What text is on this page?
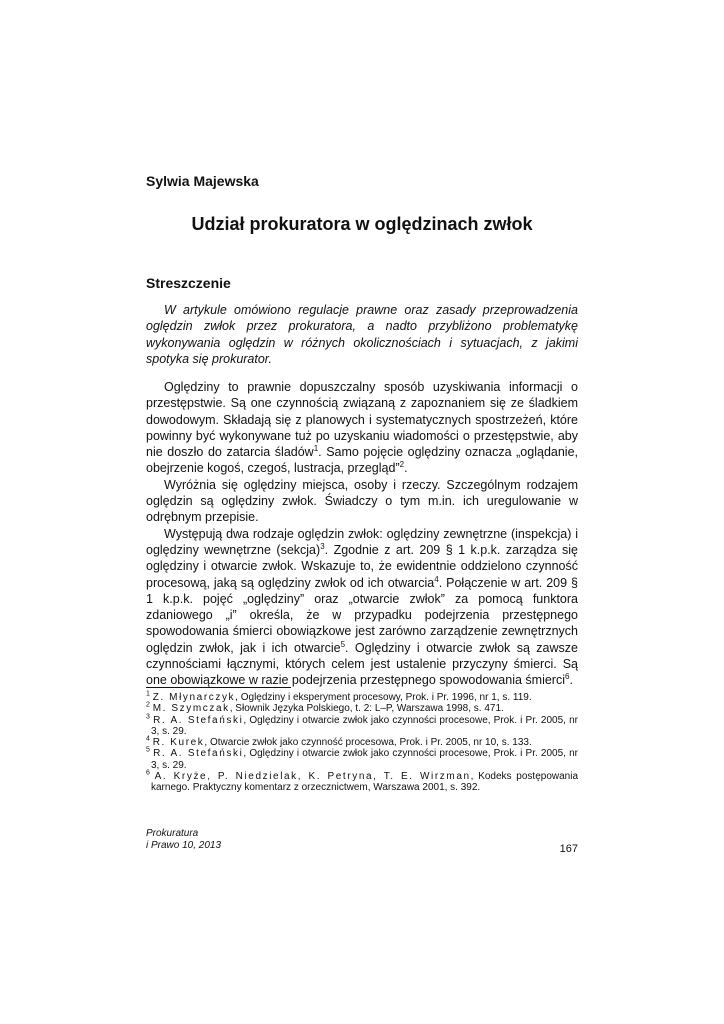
Sylwia Majewska

Udział prokuratora w oględzinach zwłok
Streszczenie

W artykule omówiono regulacje prawne oraz zasady przeprowadzenia oględzin zwłok przez prokuratora, a nadto przybliżono problematykę wykonywania oględzin w różnych okolicznościach i sytuacjach, z jakimi spotyka się prokurator.

Oględziny to prawnie dopuszczalny sposób uzyskiwania informacji o przestępstwie. Są one czynnością związaną z zapoznaniem się ze śladkiem dowodowym. Składają się z planowych i systematycznych spostrzeżeń, które powinny być wykonywane tuż po uzyskaniu wiadomości o przestępstwie, aby nie doszło do zatarcia śladów$^1$. Samo pojęcie oględziny oznacza „oglądanie, obejrzenie kogoś, czegoś, lustracja, przegląd”$^2$.

Wyróżnia się oględziny miejsca, osoby i rzeczy. Szczególnym rodzajem oględzin są oględziny zwłok. Świadczy o tym m.in. ich uregulowanie w odrębnym przepisie.

Występują dwa rodzaje oględzin zwłok: oględziny zewnętrzne (inspekcja) i oględziny wewnętrzne (sekcja)$^3$. Zgodnie z art. 209 § 1 k.p.k. zarządza się oględziny i otwarcie zwłok. Wskazuje to, że ewidentnie oddzielono czynność procesową, jaką są oględziny zwłok od ich otwarcia$^4$. Połączenie w art. 209 § 1 k.p.k. pojęć „oględziny” oraz „otwarcie zwłok” za pomocą funktora zdaniowego „i” określa, że w przypadku podejrzenia przestępnego spowodowania śmierci obowiązkowe jest zarówno zarządzenie zewnętrznych oględzin zwłok, jak i ich otwarcie$^5$. Oględziny i otwarcie zwłok są zawsze czynnościami łącznymi, których celem jest ustalenie przyczyny śmierci. Są one obowiązkowe w razie podejrzenia przestępnego spowodowania śmierci$^6$.

$^1$ Z. Młynarczyk, Oględziny i eksperyment procesowy, Prok. i Pr. 1996, nr 1, s. 119.

$^2$ M. Szymczak, Słownik Języka Polskiego, t. 2: L–P, Warszawa 1998, s. 471.

$^3$ R. A. Stefański, Oględziny i otwarcie zwłok jako czynności procesowe, Prok. i Pr. 2005, nr 3, s. 29.

$^4$ R. Kurek, Otwarcie zwłok jako czynność procesowa, Prok. i Pr. 2005, nr 10, s. 133.

$^5$ R. A. Stefański, Oględziny i otwarcie zwłok jako czynności procesowe, Prok. i Pr. 2005, nr 3, s. 29.

$^6$ A. Kryże, P. Niedzielak, K. Petryna, T. E. Wirzman, Kodeks postępowania karnego. Praktyczny komentarz z orzecznictwem, Warszawa 2001, s. 392.

Prokuratura
i Prawo 10, 2013	167
